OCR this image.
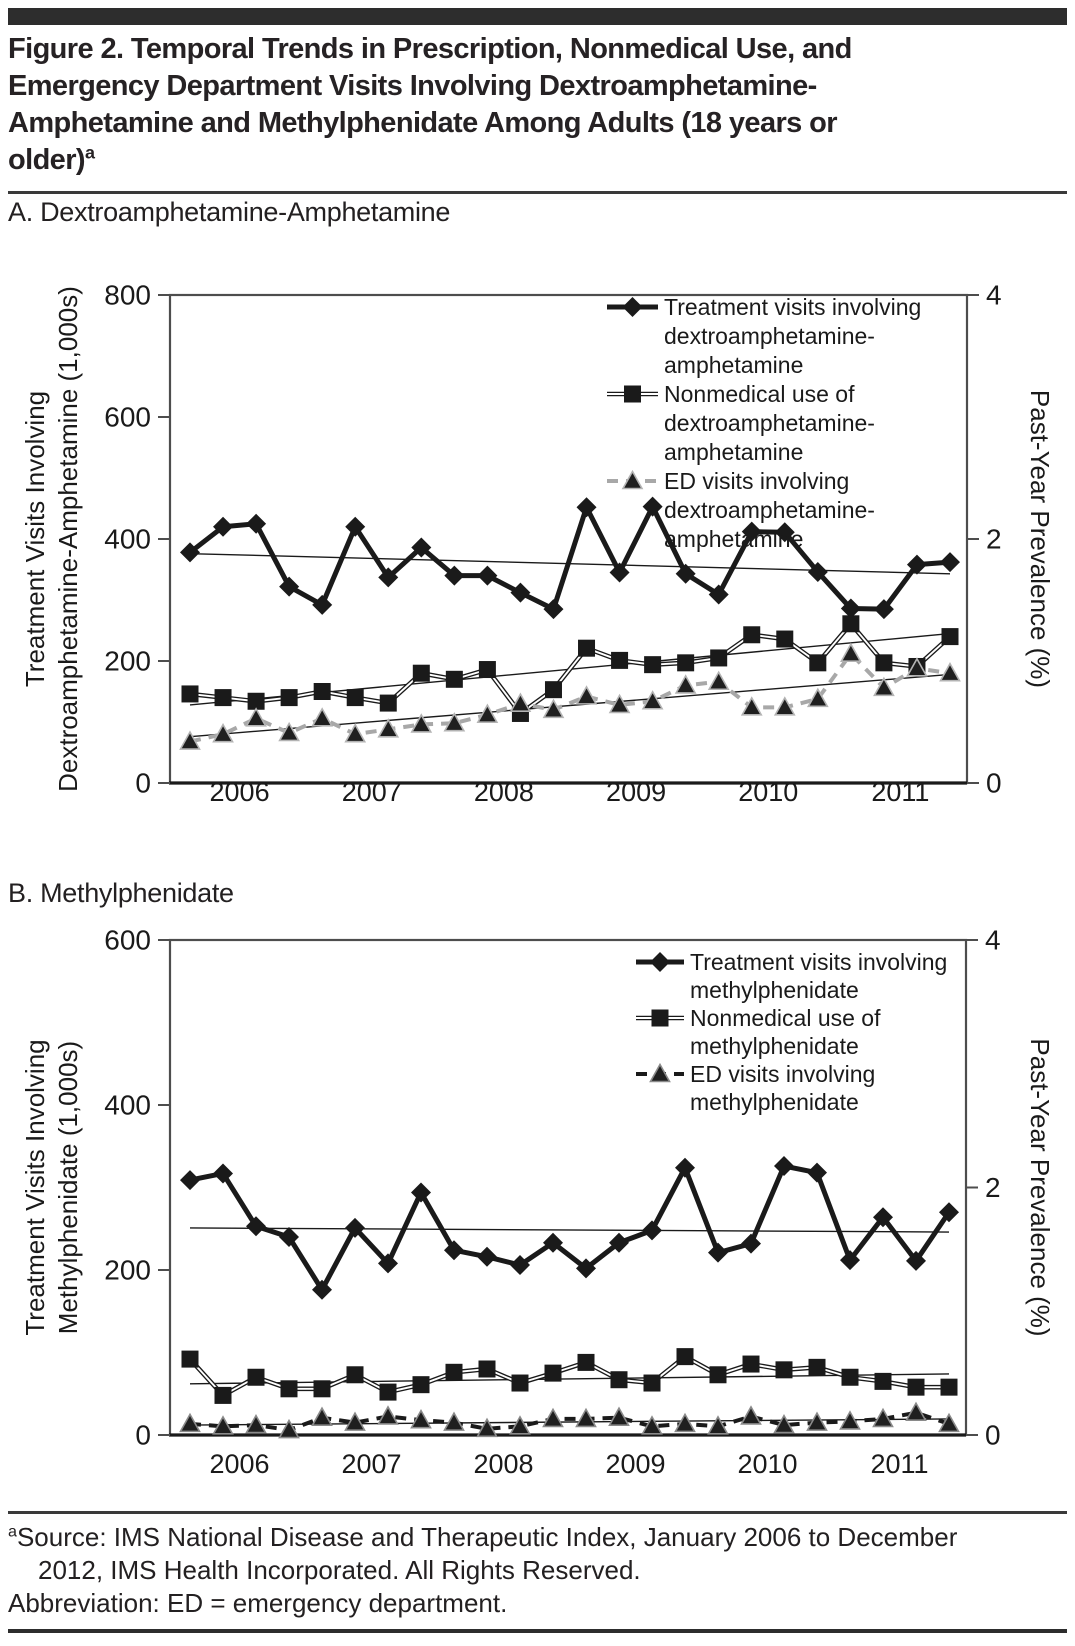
Figure 2. Temporal Trends in Prescription, Nonmedical Use, and
Emergency Department Visits Involving Dextroamphetamine-
Amphetamine and Methylphenidate Among Adults (18 years or
older)$^a$
A. Dextroamphetamine-Amphetamine
0
200
400
600
800
0
2
4
2006	2007	2008	2009	2010	2011
Treatment Visits Involving Dextroamphetamine-Amphetamine (1,000s)	Past-Year Prevalence (%)
Treatment visits involving
dextroamphetamine-
amphetamine
Nonmedical use of
dextroamphetamine-
amphetamine
ED visits involving
dextroamphetamine-
amphetamine
B. Methylphenidate
0
200
400
600
0
2
4
2006	2007	2008	2009	2010	2011
Treatment Visits Involving Methylphenidate (1,000s)	Past-Year Prevalence (%)
Treatment visits involving
methylphenidate
Nonmedical use of
methylphenidate
ED visits involving
methylphenidate
$^a$Source: IMS National Disease and Therapeutic Index, January 2006 to December
2012, IMS Health Incorporated. All Rights Reserved.
Abbreviation: ED = emergency department.
